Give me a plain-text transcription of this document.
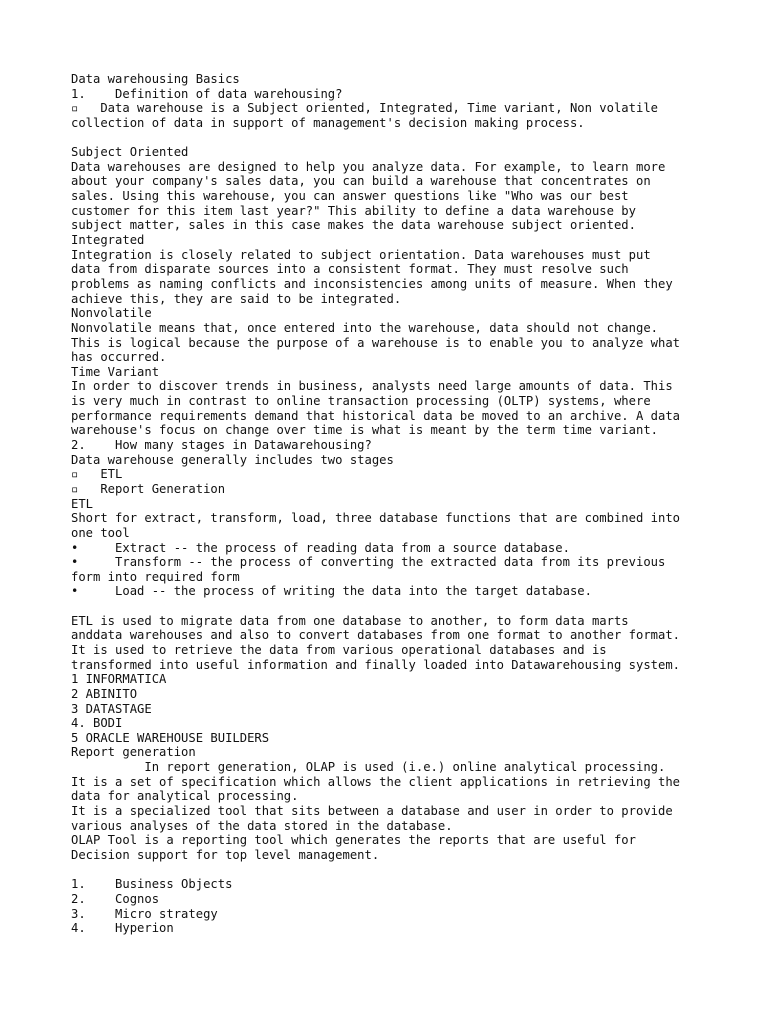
Data warehousing Basics
1.    Definition of data warehousing?
▫   Data warehouse is a Subject oriented, Integrated, Time variant, Non volatile
collection of data in support of management's decision making process.
Subject Oriented
Data warehouses are designed to help you analyze data. For example, to learn more
about your company's sales data, you can build a warehouse that concentrates on
sales. Using this warehouse, you can answer questions like "Who was our best
customer for this item last year?" This ability to define a data warehouse by
subject matter, sales in this case makes the data warehouse subject oriented.
Integrated
Integration is closely related to subject orientation. Data warehouses must put
data from disparate sources into a consistent format. They must resolve such
problems as naming conflicts and inconsistencies among units of measure. When they
achieve this, they are said to be integrated.
Nonvolatile
Nonvolatile means that, once entered into the warehouse, data should not change.
This is logical because the purpose of a warehouse is to enable you to analyze what
has occurred.
Time Variant
In order to discover trends in business, analysts need large amounts of data. This
is very much in contrast to online transaction processing (OLTP) systems, where
performance requirements demand that historical data be moved to an archive. A data
warehouse's focus on change over time is what is meant by the term time variant.
2.    How many stages in Datawarehousing?
Data warehouse generally includes two stages
▫   ETL
▫   Report Generation
ETL
Short for extract, transform, load, three database functions that are combined into
one tool
•     Extract -- the process of reading data from a source database.
•     Transform -- the process of converting the extracted data from its previous
form into required form
•     Load -- the process of writing the data into the target database.
ETL is used to migrate data from one database to another, to form data marts
anddata warehouses and also to convert databases from one format to another format.
It is used to retrieve the data from various operational databases and is
transformed into useful information and finally loaded into Datawarehousing system.
1 INFORMATICA
2 ABINITO
3 DATASTAGE
4. BODI
5 ORACLE WAREHOUSE BUILDERS
Report generation
In report generation, OLAP is used (i.e.) online analytical processing.
It is a set of specification which allows the client applications in retrieving the
data for analytical processing.
It is a specialized tool that sits between a database and user in order to provide
various analyses of the data stored in the database.
OLAP Tool is a reporting tool which generates the reports that are useful for
Decision support for top level management.
1.    Business Objects
2.    Cognos
3.    Micro strategy
4.    Hyperion
